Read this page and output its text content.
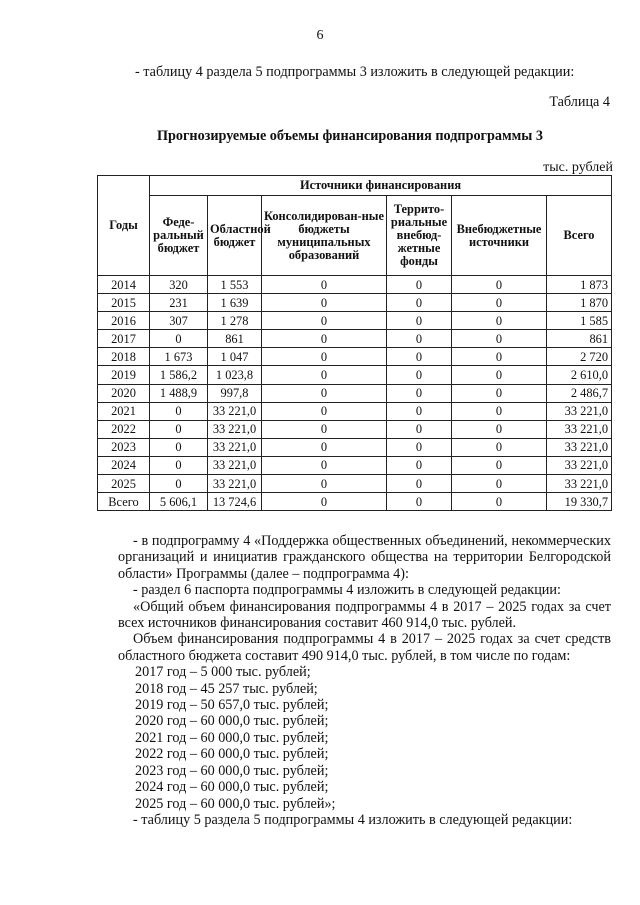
6
- таблицу 4 раздела 5 подпрограммы 3 изложить в следующей редакции:
Таблица 4
Прогнозируемые объемы финансирования подпрограммы 3
тыс. рублей
Годы	Источники финансирования					
	Феде-ральный бюджет	Областной бюджет	Консолидирован-ные бюджеты муниципальных образований	Террито-риальные внебюд-жетные фонды	Внебюджетные источники	Всего
2014	320	1 553	0	0	0	1 873
2015	231	1 639	0	0	0	1 870
2016	307	1 278	0	0	0	1 585
2017	0	861	0	0	0	861
2018	1 673	1 047	0	0	0	2 720
2019	1 586,2	1 023,8	0	0	0	2 610,0
2020	1 488,9	997,8	0	0	0	2 486,7
2021	0	33 221,0	0	0	0	33 221,0
2022	0	33 221,0	0	0	0	33 221,0
2023	0	33 221,0	0	0	0	33 221,0
2024	0	33 221,0	0	0	0	33 221,0
2025	0	33 221,0	0	0	0	33 221,0
Всего	5 606,1	13 724,6	0	0	0	19 330,7

- в подпрограмму 4 «Поддержка общественных объединений, некоммерческих организаций и инициатив гражданского общества на территории Белгородской области» Программы (далее – подпрограмма 4):

- раздел 6 паспорта подпрограммы 4 изложить в следующей редакции:

«Общий объем финансирования подпрограммы 4 в 2017 – 2025 годах за счет всех источников финансирования составит 460 914,0 тыс. рублей.

Объем финансирования подпрограммы 4 в 2017 – 2025 годах за счет средств областного бюджета составит 490 914,0 тыс. рублей, в том числе по годам:

2017 год – 5 000 тыс. рублей;

2018 год – 45 257 тыс. рублей;

2019 год – 50 657,0 тыс. рублей;

2020 год – 60 000,0 тыс. рублей;

2021 год – 60 000,0 тыс. рублей;

2022 год – 60 000,0 тыс. рублей;

2023 год – 60 000,0 тыс. рублей;

2024 год – 60 000,0 тыс. рублей;

2025 год – 60 000,0 тыс. рублей»;

- таблицу 5 раздела 5 подпрограммы 4 изложить в следующей редакции:
